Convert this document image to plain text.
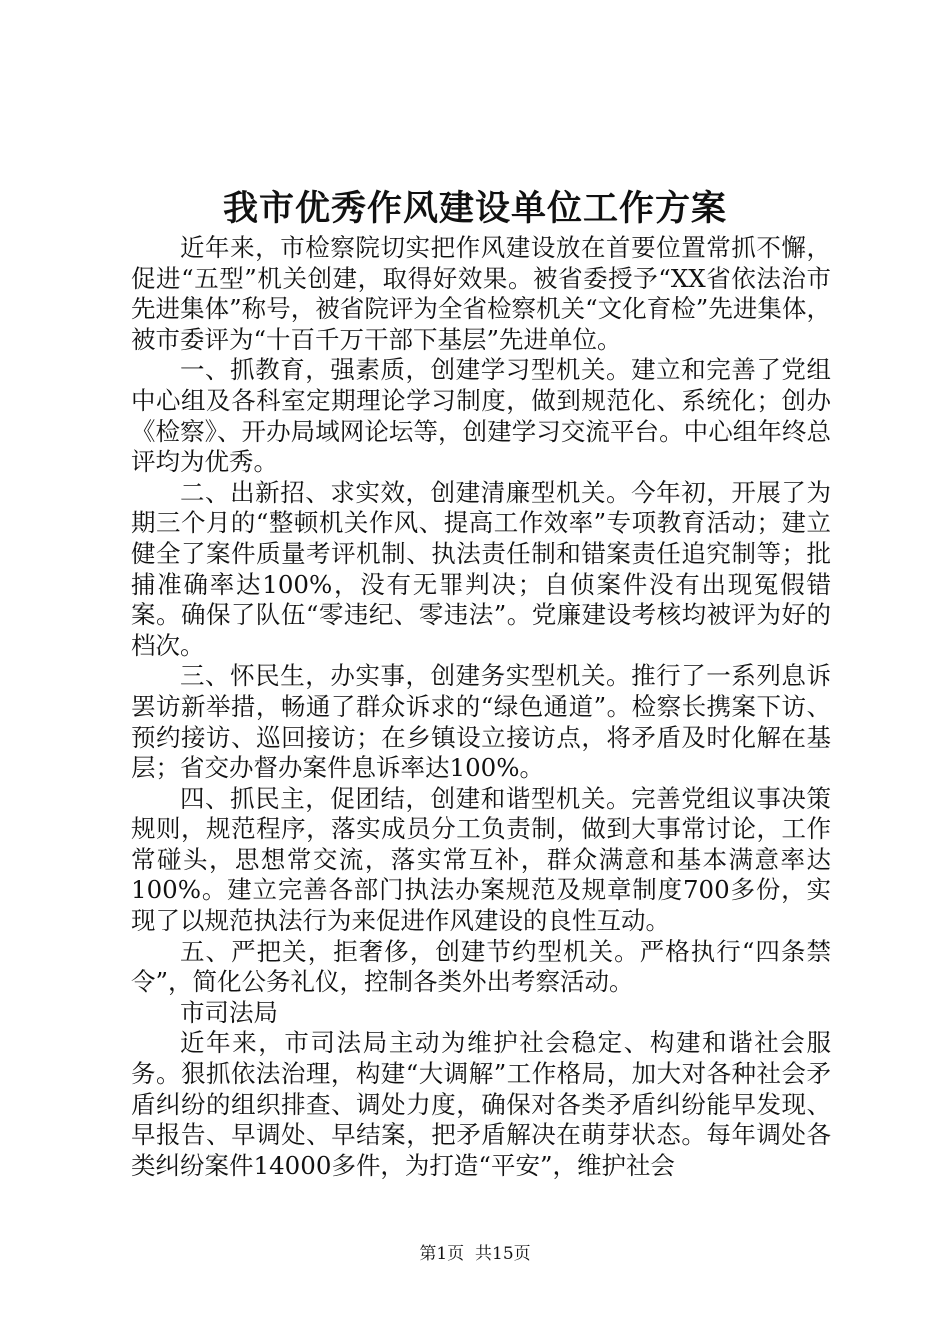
我市优秀作风建设单位工作方案

近年来，市检察院切实把作风建设放在首要位置常抓不懈，促进“五型”机关创建，取得好效果。被省委授予“XX省依法治市先进集体”称号，被省院评为全省检察机关“文化育检”先进集体，被市委评为“十百千万干部下基层”先进单位。

一、抓教育，强素质，创建学习型机关。建立和完善了党组中心组及各科室定期理论学习制度，做到规范化、系统化；创办《检察》、开办局域网论坛等，创建学习交流平台。中心组年终总评均为优秀。

二、出新招、求实效，创建清廉型机关。今年初，开展了为期三个月的“整顿机关作风、提高工作效率”专项教育活动；建立健全了案件质量考评机制、执法责任制和错案责任追究制等；批捕准确率达100%，没有无罪判决；自侦案件没有出现冤假错案。确保了队伍“零违纪、零违法”。党廉建设考核均被评为好的档次。

三、怀民生，办实事，创建务实型机关。推行了一系列息诉罢访新举措，畅通了群众诉求的“绿色通道”。检察长携案下访、预约接访、巡回接访；在乡镇设立接访点，将矛盾及时化解在基层；省交办督办案件息诉率达100%。

四、抓民主，促团结，创建和谐型机关。完善党组议事决策规则，规范程序，落实成员分工负责制，做到大事常讨论，工作常碰头，思想常交流，落实常互补，群众满意和基本满意率达100%。建立完善各部门执法办案规范及规章制度700多份，实现了以规范执法行为来促进作风建设的良性互动。

五、严把关，拒奢侈，创建节约型机关。严格执行“四条禁令”，简化公务礼仪，控制各类外出考察活动。

市司法局

近年来，市司法局主动为维护社会稳定、构建和谐社会服务。狠抓依法治理，构建“大调解”工作格局，加大对各种社会矛盾纠纷的组织排查、调处力度，确保对各类矛盾纠纷能早发现、早报告、早调处、早结案，把矛盾解决在萌芽状态。每年调处各类纠纷案件14000多件，为打造“平安”，维护社会

第1页 共15页
